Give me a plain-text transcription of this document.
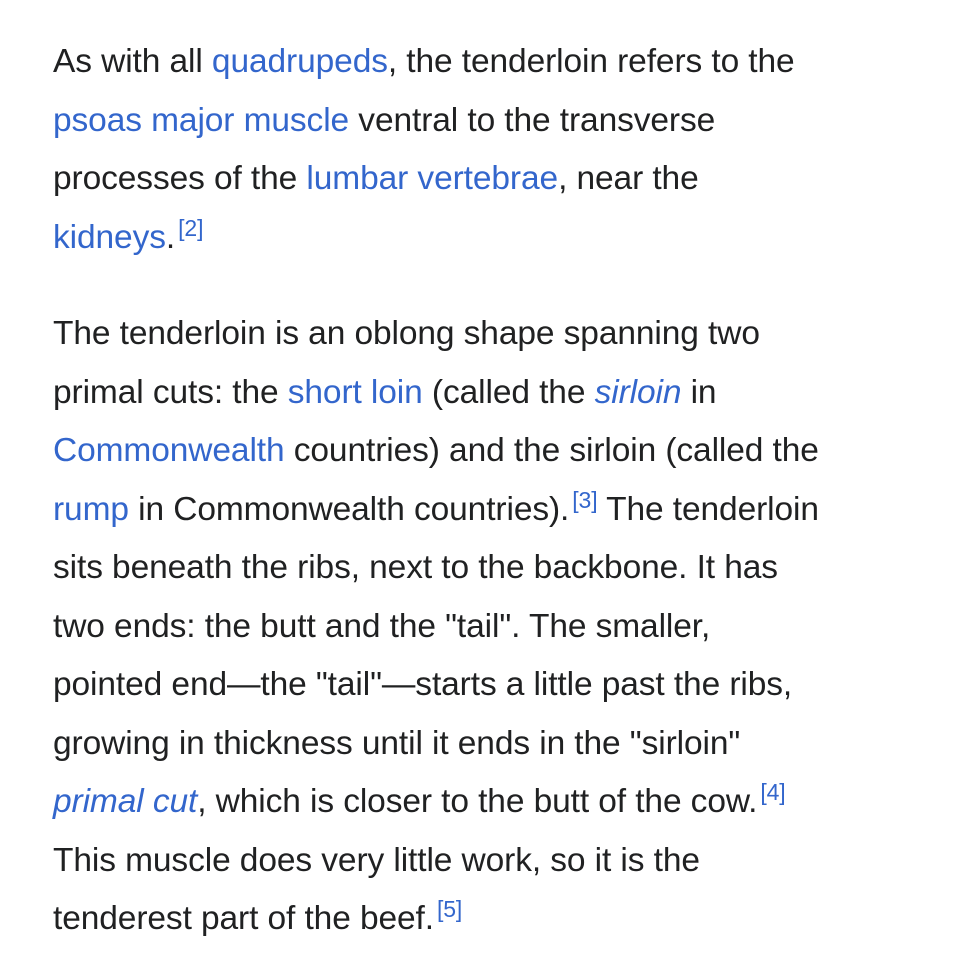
As with all quadrupeds, the tenderloin refers to the
psoas major muscle ventral to the transverse
processes of the lumbar vertebrae, near the
kidneys. [2]

The tenderloin is an oblong shape spanning two
primal cuts: the short loin (called the sirloin in
Commonwealth countries) and the sirloin (called the
rump in Commonwealth countries). [3] The tenderloin
sits beneath the ribs, next to the backbone. It has
two ends: the butt and the "tail". The smaller,
pointed end—the "tail"—starts a little past the ribs,
growing in thickness until it ends in the "sirloin"
primal cut, which is closer to the butt of the cow. [4]
This muscle does very little work, so it is the
tenderest part of the beef. [5]
